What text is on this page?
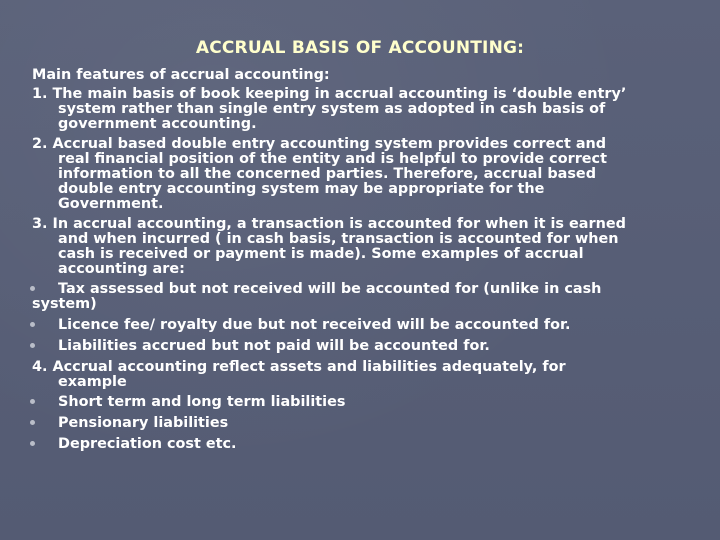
ACCRUAL BASIS OF ACCOUNTING:
Main features of accrual accounting:
1. The main basis of book keeping in accrual accounting is ‘double entry’
system rather than single entry system as adopted in cash basis of
government accounting.
2. Accrual based double entry accounting system provides correct and
real financial position of the entity and is helpful to provide correct
information to all the concerned parties. Therefore, accrual based
double entry accounting system may be appropriate for the
Government.
3. In accrual accounting, a transaction is accounted for when it is earned
and when incurred ( in cash basis, transaction is accounted for when
cash is received or payment is made). Some examples of accrual
accounting are:
Tax assessed but not received will be accounted for (unlike in cash
system)
Licence fee/ royalty due but not received will be accounted for.
Liabilities accrued but not paid will be accounted for.
4. Accrual accounting reflect assets and liabilities adequately, for
example
Short term and long term liabilities
Pensionary liabilities
Depreciation cost etc.
